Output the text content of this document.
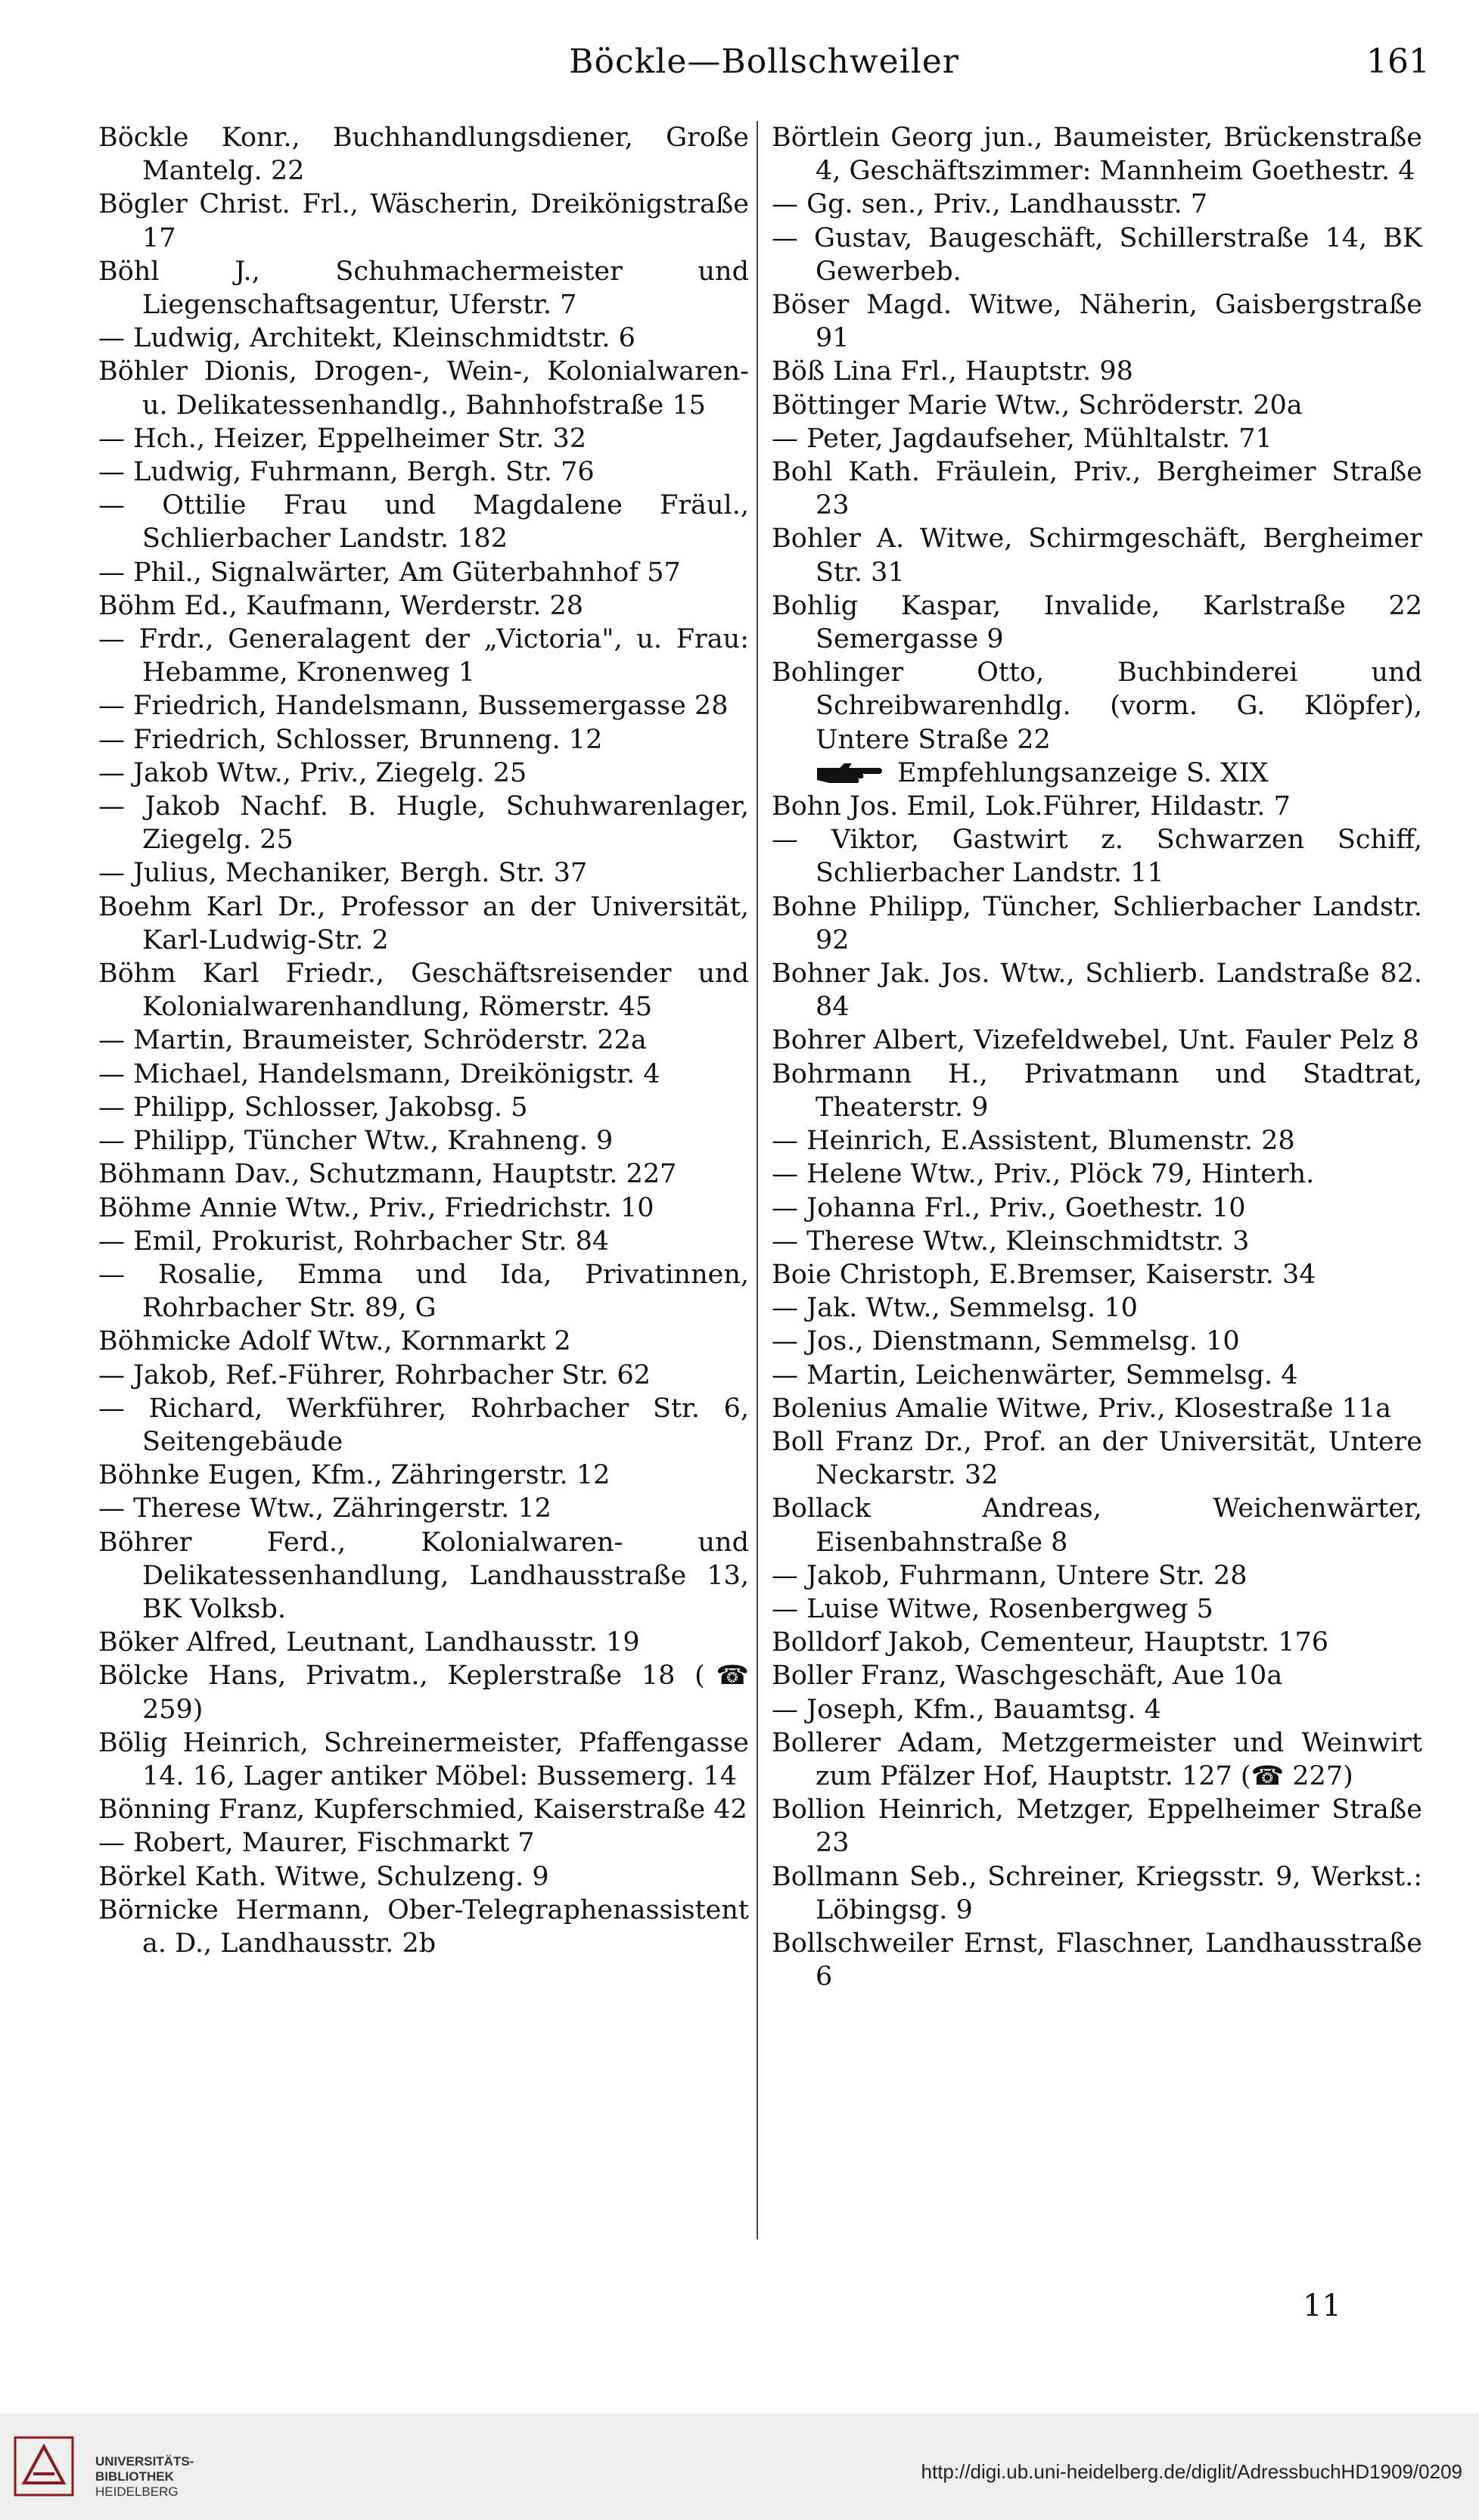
Böckle—Bollschweiler	161
Böckle Konr., Buchhandlungsdiener, Große Mantelg. 22
Bögler Christ. Frl., Wäscherin, Dreikönigstraße 17
Böhl J., Schuhmachermeister und Liegenschaftsagentur, Uferstr. 7
— Ludwig, Architekt, Kleinschmidtstr. 6
Böhler Dionis, Drogen-, Wein-, Kolonialwaren- u. Delikatessenhandlg., Bahnhofstraße 15
— Hch., Heizer, Eppelheimer Str. 32
— Ludwig, Fuhrmann, Bergh. Str. 76
— Ottilie Frau und Magdalene Fräul., Schlierbacher Landstr. 182
— Phil., Signalwärter, Am Güterbahnhof 57
Böhm Ed., Kaufmann, Werderstr. 28
— Frdr., Generalagent der „Victoria", u. Frau: Hebamme, Kronenweg 1
— Friedrich, Handelsmann, Bussemergasse 28
— Friedrich, Schlosser, Brunneng. 12
— Jakob Wtw., Priv., Ziegelg. 25
— Jakob Nachf. B. Hugle, Schuhwarenlager, Ziegelg. 25
— Julius, Mechaniker, Bergh. Str. 37
Boehm Karl Dr., Professor an der Universität, Karl-Ludwig-Str. 2
Böhm Karl Friedr., Geschäftsreisender und Kolonialwarenhandlung, Römerstr. 45
— Martin, Braumeister, Schröderstr. 22a
— Michael, Handelsmann, Dreikönigstr. 4
— Philipp, Schlosser, Jakobsg. 5
— Philipp, Tüncher Wtw., Krahneng. 9
Böhmann Dav., Schutzmann, Hauptstr. 227
Böhme Annie Wtw., Priv., Friedrichstr. 10
— Emil, Prokurist, Rohrbacher Str. 84
— Rosalie, Emma und Ida, Privatinnen, Rohrbacher Str. 89, G
Böhmicke Adolf Wtw., Kornmarkt 2
— Jakob, Ref.-Führer, Rohrbacher Str. 62
— Richard, Werkführer, Rohrbacher Str. 6, Seitengebäude
Böhnke Eugen, Kfm., Zähringerstr. 12
— Therese Wtw., Zähringerstr. 12
Böhrer Ferd., Kolonialwaren- und Delikatessenhandlung, Landhausstraße 13, BK Volksb.
Böker Alfred, Leutnant, Landhausstr. 19
Bölcke Hans, Privatm., Keplerstraße 18 (☎ 259)
Bölig Heinrich, Schreinermeister, Pfaffengasse 14. 16, Lager antiker Möbel: Bussemerg. 14
Bönning Franz, Kupferschmied, Kaiserstraße 42
— Robert, Maurer, Fischmarkt 7
Börkel Kath. Witwe, Schulzeng. 9
Börnicke Hermann, Ober-Telegraphenassistent a. D., Landhausstr. 2b
Börtlein Georg jun., Baumeister, Brückenstraße 4, Geschäftszimmer: Mannheim Goethestr. 4
— Gg. sen., Priv., Landhausstr. 7
— Gustav, Baugeschäft, Schillerstraße 14, BK Gewerbeb.
Böser Magd. Witwe, Näherin, Gaisbergstraße 91
Böß Lina Frl., Hauptstr. 98
Böttinger Marie Wtw., Schröderstr. 20a
— Peter, Jagdaufseher, Mühltalstr. 71
Bohl Kath. Fräulein, Priv., Bergheimer Straße 23
Bohler A. Witwe, Schirmgeschäft, Bergheimer Str. 31
Bohlig Kaspar, Invalide, Karlstraße 22 Semergasse 9
Bohlinger Otto, Buchbinderei und Schreibwarenhdlg. (vorm. G. Klöpfer), Untere Straße 22
Empfehlungsanzeige S. XIX
Bohn Jos. Emil, Lok.Führer, Hildastr. 7
— Viktor, Gastwirt z. Schwarzen Schiff, Schlierbacher Landstr. 11
Bohne Philipp, Tüncher, Schlierbacher Landstr. 92
Bohner Jak. Jos. Wtw., Schlierb. Landstraße 82. 84
Bohrer Albert, Vizefeldwebel, Unt. Fauler Pelz 8
Bohrmann H., Privatmann und Stadtrat, Theaterstr. 9
— Heinrich, E.Assistent, Blumenstr. 28
— Helene Wtw., Priv., Plöck 79, Hinterh.
— Johanna Frl., Priv., Goethestr. 10
— Therese Wtw., Kleinschmidtstr. 3
Boie Christoph, E.Bremser, Kaiserstr. 34
— Jak. Wtw., Semmelsg. 10
— Jos., Dienstmann, Semmelsg. 10
— Martin, Leichenwärter, Semmelsg. 4
Bolenius Amalie Witwe, Priv., Klosestraße 11a
Boll Franz Dr., Prof. an der Universität, Untere Neckarstr. 32
Bollack Andreas, Weichenwärter, Eisenbahnstraße 8
— Jakob, Fuhrmann, Untere Str. 28
— Luise Witwe, Rosenbergweg 5
Bolldorf Jakob, Cementeur, Hauptstr. 176
Boller Franz, Waschgeschäft, Aue 10a
— Joseph, Kfm., Bauamtsg. 4
Bollerer Adam, Metzgermeister und Weinwirt zum Pfälzer Hof, Hauptstr. 127 (☎ 227)
Bollion Heinrich, Metzger, Eppelheimer Straße 23
Bollmann Seb., Schreiner, Kriegsstr. 9, Werkst.: Löbingsg. 9
Bollschweiler Ernst, Flaschner, Landhausstraße 6
11
UNIVERSITÄTS-
BIBLIOTHEK
HEIDELBERG
http://digi.ub.uni-heidelberg.de/diglit/AdressbuchHD1909/0209
